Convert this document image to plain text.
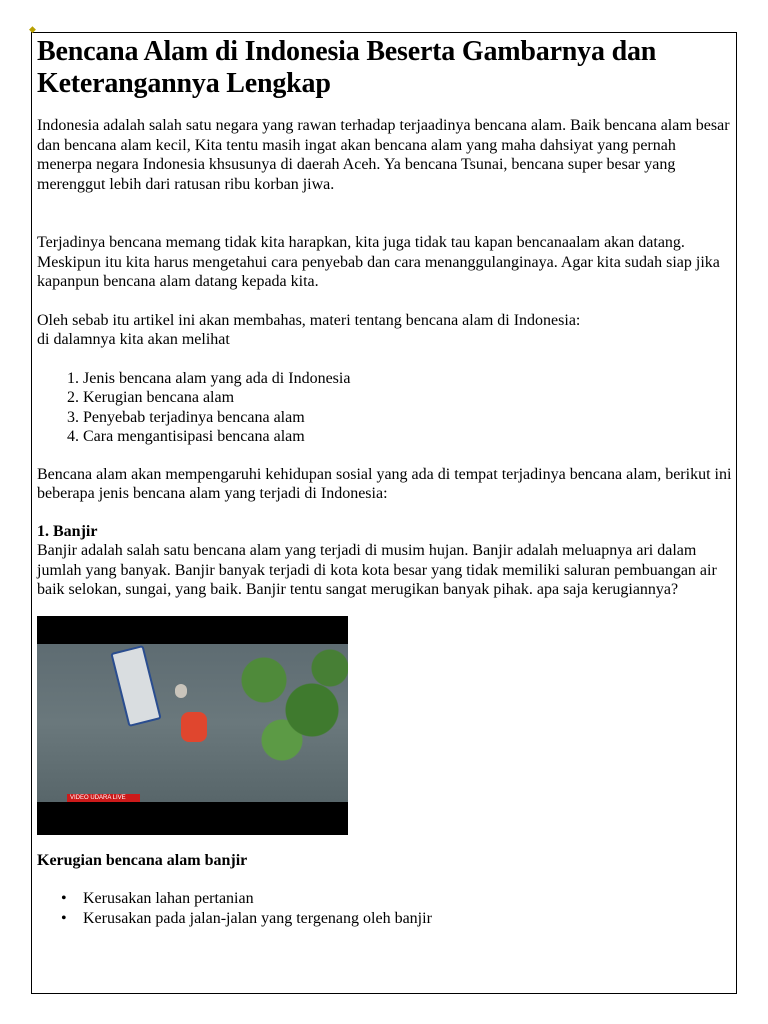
◆
Bencana Alam di Indonesia Beserta Gambarnya dan Keterangannya Lengkap

Indonesia adalah salah satu negara yang rawan terhadap terjaadinya bencana alam. Baik bencana alam besar dan bencana alam kecil, Kita tentu masih ingat akan bencana alam yang maha dahsiyat yang pernah menerpa negara Indonesia khsusunya di daerah Aceh. Ya bencana Tsunai, bencana super besar yang merenggut lebih dari ratusan ribu korban jiwa.

Terjadinya bencana memang tidak kita harapkan, kita juga tidak tau kapan bencanaalam akan datang. Meskipun itu kita harus mengetahui cara penyebab dan cara menanggulanginaya. Agar kita sudah siap jika kapanpun bencana alam datang kepada kita.

Oleh sebab itu artikel ini akan membahas, materi tentang bencana alam di Indonesia:

di dalamnya kita akan melihat

1. Jenis bencana alam yang ada di Indonesia
2. Kerugian bencana alam
3. Penyebab terjadinya bencana alam
4. Cara mengantisipasi bencana alam

Bencana alam akan mempengaruhi kehidupan sosial yang ada di tempat terjadinya bencana alam, berikut ini beberapa jenis bencana alam yang terjadi di Indonesia:

1. Banjir

Banjir adalah salah satu bencana alam yang terjadi di musim hujan. Banjir adalah meluapnya ari dalam jumlah yang banyak. Banjir banyak terjadi di kota kota besar yang tidak memiliki saluran pembuangan air baik selokan, sungai, yang baik. Banjir tentu sangat merugikan banyak pihak. apa saja kerugiannya?

VIDEO UDARA LIVE
Kerugian bencana alam banjir
• Kerusakan lahan pertanian
• Kerusakan pada jalan-jalan yang tergenang oleh banjir
